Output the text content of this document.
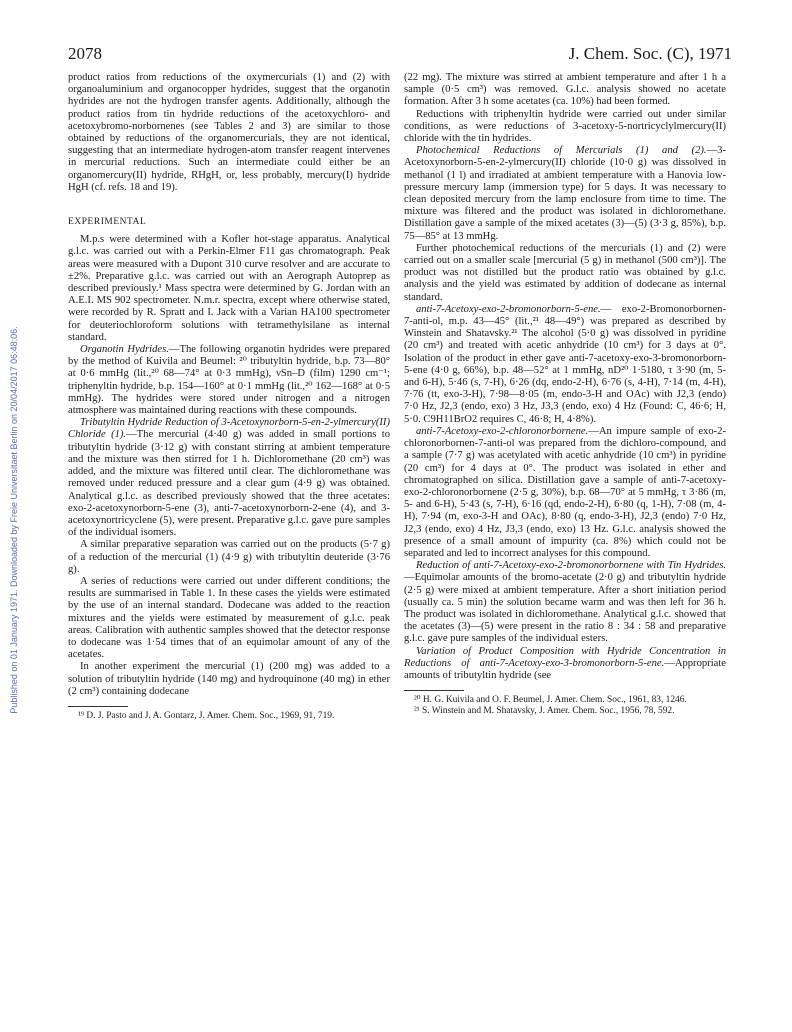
2078	J. Chem. Soc. (C), 1971
Published on 01 January 1971. Downloaded by Freie Universitaet Berlin on 20/04/2017 06:48:06.

product ratios from reductions of the oxymercurials (1) and (2) with organoaluminium and organocopper hydrides, suggest that the organotin hydrides are not the hydrogen transfer agents. Additionally, although the product ratios from tin hydride reductions of the acetoxychloro- and acetoxybromo-norbornenes (see Tables 2 and 3) are similar to those obtained by reductions of the organomercurials, they are not identical, suggesting that an intermediate hydrogen-atom transfer reagent intervenes in mercurial reductions. Such an intermediate could either be an organomercury(II) hydride, RHgH, or, less probably, mercury(I) hydride HgH (cf. refs. 18 and 19).

EXPERIMENTAL

M.p.s were determined with a Kofler hot-stage apparatus. Analytical g.l.c. was carried out with a Perkin-Elmer F11 gas chromatograph. Peak areas were measured with a Dupont 310 curve resolver and are accurate to ±2%. Preparative g.l.c. was carried out with an Aerograph Autoprep as described previously.¹ Mass spectra were determined by G. Jordan with an A.E.I. MS 902 spectrometer. N.m.r. spectra, except where otherwise stated, were recorded by R. Spratt and I. Jack with a Varian HA100 spectrometer for deuteriochloroform solutions with tetramethylsilane as internal standard.

Organotin Hydrides.—The following organotin hydrides were prepared by the method of Kuivila and Beumel: ²⁰ tributyltin hydride, b.p. 73—80° at 0·6 mmHg (lit.,²⁰ 68—74° at 0·3 mmHg), νSn–D (film) 1290 cm⁻¹; triphenyltin hydride, b.p. 154—160° at 0·1 mmHg (lit.,²⁰ 162—168° at 0·5 mmHg). The hydrides were stored under nitrogen and a nitrogen atmosphere was maintained during reactions with these compounds.

Tributyltin Hydride Reduction of 3-Acetoxynorborn-5-en-2-ylmercury(II) Chloride (1).—The mercurial (4·40 g) was added in small portions to tributyltin hydride (3·12 g) with constant stirring at ambient temperature and the mixture was then stirred for 1 h. Dichloromethane (20 cm³) was added, and the mixture was filtered until clear. The dichloromethane was removed under reduced pressure and a clear gum (4·9 g) was obtained. Analytical g.l.c. as described previously showed that the three acetates: exo-2-acetoxynorborn-5-ene (3), anti-7-acetoxynorborn-2-ene (4), and 3-acetoxynortricyclene (5), were present. Preparative g.l.c. gave pure samples of the individual isomers.

A similar preparative separation was carried out on the products (5·7 g) of a reduction of the mercurial (1) (4·9 g) with tributyltin deuteride (3·76 g).

A series of reductions were carried out under different conditions; the results are summarised in Table 1. In these cases the yields were estimated by the use of an internal standard. Dodecane was added to the reaction mixtures and the yields were estimated by measurement of g.l.c. peak areas. Calibration with authentic samples showed that the detector response to dodecane was 1·54 times that of an equimolar amount of any of the acetates.

In another experiment the mercurial (1) (200 mg) was added to a solution of tributyltin hydride (140 mg) and hydroquinone (40 mg) in ether (2 cm³) containing dodecane

¹⁹ D. J. Pasto and J. A. Gontarz, J. Amer. Chem. Soc., 1969, 91, 719.

(22 mg). The mixture was stirred at ambient temperature and after 1 h a sample (0·5 cm³) was removed. G.l.c. analysis showed no acetate formation. After 3 h some acetates (ca. 10%) had been formed.

Reductions with triphenyltin hydride were carried out under similar conditions, as were reductions of 3-acetoxy-5-nortricyclylmercury(II) chloride with the tin hydrides.

Photochemical Reductions of Mercurials (1) and (2).—3-Acetoxynorborn-5-en-2-ylmercury(II) chloride (10·0 g) was dissolved in methanol (1 l) and irradiated at ambient temperature with a Hanovia low-pressure mercury lamp (immersion type) for 5 days. It was necessary to clean deposited mercury from the lamp enclosure from time to time. The mixture was filtered and the product was isolated in dichloromethane. Distillation gave a sample of the mixed acetates (3)—(5) (3·3 g, 85%), b.p. 75—85° at 13 mmHg.

Further photochemical reductions of the mercurials (1) and (2) were carried out on a smaller scale [mercurial (5 g) in methanol (500 cm³)]. The product was not distilled but the product ratio was obtained by g.l.c. analysis and the yield was estimated by addition of dodecane as internal standard.

anti-7-Acetoxy-exo-2-bromonorborn-5-ene.— exo-2-Bromonorbornen-7-anti-ol, m.p. 43—45° (lit.,²¹ 48—49°) was prepared as described by Winstein and Shatavsky.²¹ The alcohol (5·0 g) was dissolved in pyridine (20 cm³) and treated with acetic anhydride (10 cm³) for 3 days at 0°. Isolation of the product in ether gave anti-7-acetoxy-exo-3-bromonorborn-5-ene (4·0 g, 66%), b.p. 48—52° at 1 mmHg, nD²⁰ 1·5180, τ 3·90 (m, 5- and 6-H), 5·46 (s, 7-H), 6·26 (dq, endo-2-H), 6·76 (s, 4-H), 7·14 (m, 4-H), 7·76 (tt, exo-3-H), 7·98—8·05 (m, endo-3-H and OAc) with J2,3 (endo) 7·0 Hz, J2,3 (endo, exo) 3 Hz, J3,3 (endo, exo) 4 Hz (Found: C, 46·6; H, 5·0. C9H11BrO2 requires C, 46·8; H, 4·8%).

anti-7-Acetoxy-exo-2-chloronorbornene.—An impure sample of exo-2-chloronorbornen-7-anti-ol was prepared from the dichloro-compound, and a sample (7·7 g) was acetylated with acetic anhydride (10 cm³) in pyridine (20 cm³) for 4 days at 0°. The product was isolated in ether and chromatographed on silica. Distillation gave a sample of anti-7-acetoxy-exo-2-chloronorbornene (2·5 g, 30%), b.p. 68—70° at 5 mmHg, τ 3·86 (m, 5- and 6-H), 5·43 (s, 7-H), 6·16 (qd, endo-2-H), 6·80 (q, 1-H), 7·08 (m, 4-H), 7·94 (m, exo-3-H and OAc), 8·80 (q, endo-3-H), J2,3 (endo) 7·0 Hz, J2,3 (endo, exo) 4 Hz, J3,3 (endo, exo) 13 Hz. G.l.c. analysis showed the presence of a small amount of impurity (ca. 8%) which could not be separated and led to incorrect analyses for this compound.

Reduction of anti-7-Acetoxy-exo-2-bromonorbornene with Tin Hydrides.—Equimolar amounts of the bromo-acetate (2·0 g) and tributyltin hydride (2·5 g) were mixed at ambient temperature. After a short initiation period (usually ca. 5 min) the solution became warm and was then left for 36 h. The product was isolated in dichloromethane. Analytical g.l.c. showed that the acetates (3)—(5) were present in the ratio 8 : 34 : 58 and preparative g.l.c. gave pure samples of the individual esters.

Variation of Product Composition with Hydride Concentration in Reductions of anti-7-Acetoxy-exo-3-bromonorborn-5-ene.—Appropriate amounts of tributyltin hydride (see

²⁰ H. G. Kuivila and O. F. Beumel, J. Amer. Chem. Soc., 1961, 83, 1246.

²¹ S. Winstein and M. Shatavsky, J. Amer. Chem. Soc., 1956, 78, 592.
